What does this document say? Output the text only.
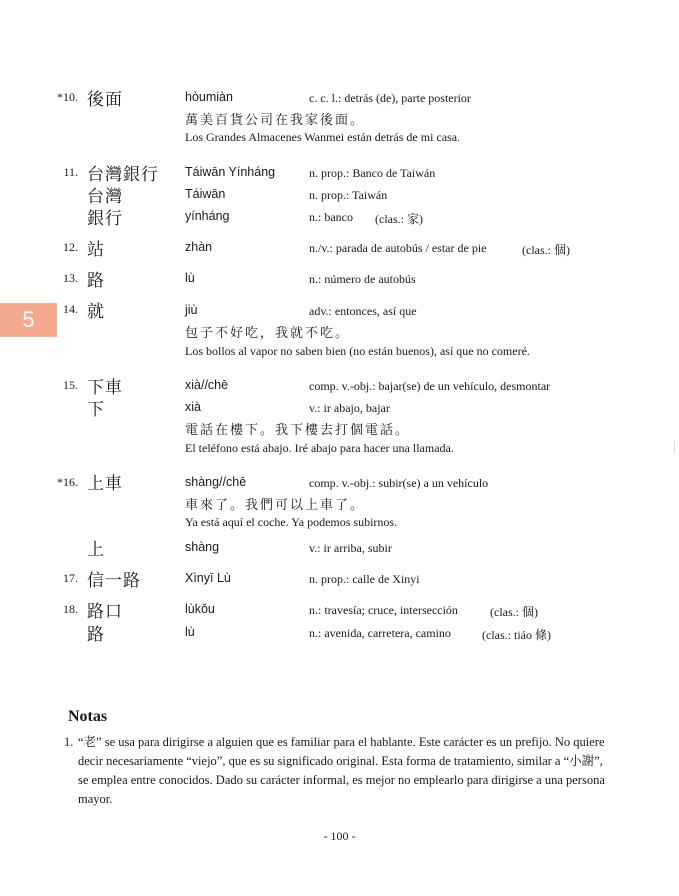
5
*10. 後面	hòumiàn	c. c. l.: detrás (de), parte posterior
萬美百貨公司在我家後面。
Los Grandes Almacenes Wanmei están detrás de mi casa.
11. 台灣銀行 Táiwān Yínháng	n. prop.: Banco de Taiwán
台灣	Táiwān	n. prop.: Taiwán
銀行	yínháng	n.: banco (clas.: 家)
12. 站	zhàn	n./v.: parada de autobús / estar de pie	(clas.: 個)
13. 路	lù	n.: número de autobús
14. 就	jiù	adv.: entonces, así que
包子不好吃，我就不吃。
Los bollos al vapor no saben bien (no están buenos), así que no comeré.
15. 下車	xià//chē	comp. v.-obj.: bajar(se) de un vehículo, desmontar
下	xià	v.: ir abajo, bajar
電話在樓下。我下樓去打個電話。
El teléfono está abajo. Iré abajo para hacer una llamada.
*16. 上車	shàng//chē	comp. v.-obj.: subir(se) a un vehículo
車來了。我們可以上車了。
Ya está aquí el coche. Ya podemos subirnos.
上	shàng	v.: ir arriba, subir
17. 信一路	Xìnyī Lù	n. prop.: calle de Xinyi
18. 路口	lùkǒu	n.: travesía; cruce, intersección	(clas.: 個)
路	lù	n.: avenida, carretera, camino	(clas.: tiáo 條)
Notas
1. “老” se usa para dirigirse a alguien que es familiar para el hablante. Este carácter es un prefijo. No quiere decir necesariamente “viejo”, que es su significado original. Esta forma de tratamiento, similar a “小謝”, se emplea entre conocidos. Dado su carácter informal, es mejor no emplearlo para dirigirse a una persona mayor.
- 100 -
